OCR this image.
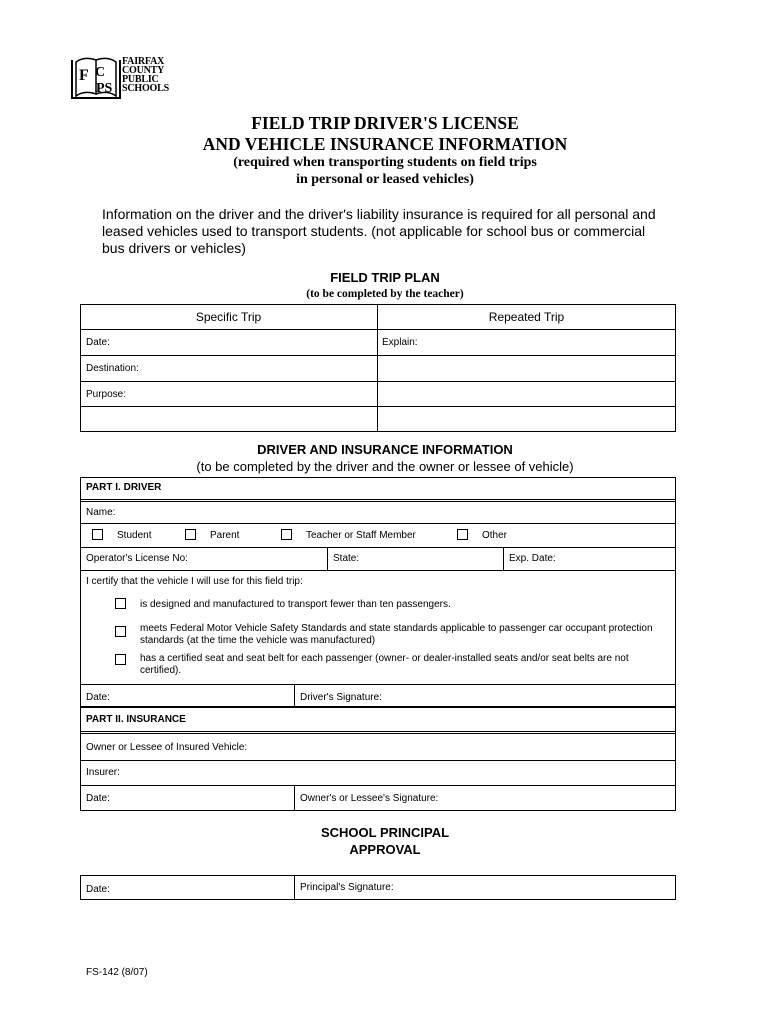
F C
PS
FAIRFAX
COUNTY
PUBLIC
SCHOOLS
FIELD TRIP DRIVER'S LICENSE
AND VEHICLE INSURANCE INFORMATION
(required when transporting students on field trips
in personal or leased vehicles)
Information on the driver and the driver's liability insurance is required for all personal and leased vehicles used to transport students. (not applicable for school bus or commercial bus drivers or vehicles)
FIELD TRIP PLAN
(to be completed by the teacher)
Specific Trip	Repeated Trip
Date:	Explain:
Destination:
Purpose:
DRIVER AND INSURANCE INFORMATION
(to be completed by the driver and the owner or lessee of vehicle)
PART I. DRIVER
Name:
Student	Parent	Teacher or Staff Member	Other
Operator's License No:	State:	Exp. Date:
I certify that the vehicle I will use for this field trip:
is designed and manufactured to transport fewer than ten passengers.
meets Federal Motor Vehicle Safety Standards and state standards applicable to passenger car occupant protection
standards (at the time the vehicle was manufactured)
has a certified seat and seat belt for each passenger (owner- or dealer-installed seats and/or seat belts are not
certified).
Date:	Driver's Signature:
PART II. INSURANCE
Owner or Lessee of Insured Vehicle:
Insurer:
Date:	Owner's or Lessee's Signature:
SCHOOL PRINCIPAL
APPROVAL
Date:	Principal's Signature:
FS-142 (8/07)
